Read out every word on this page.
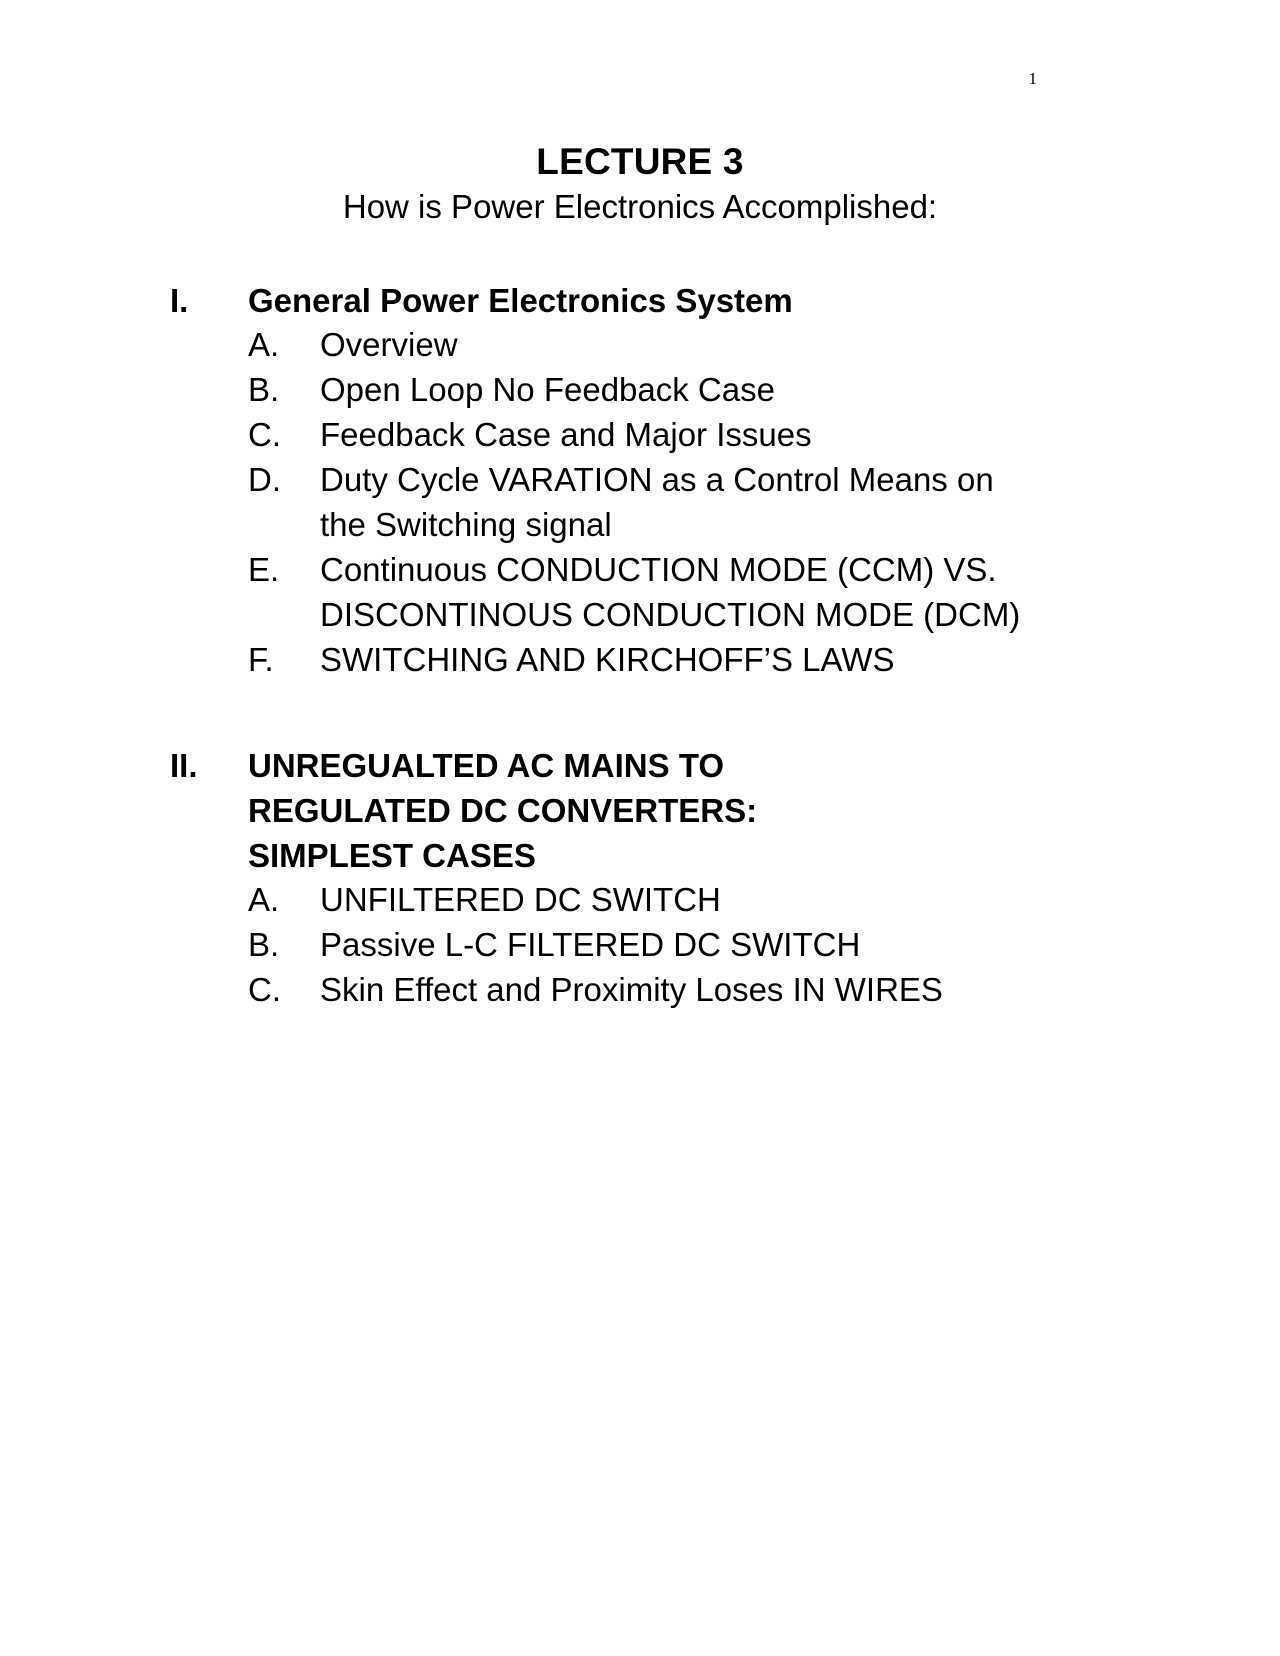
1
LECTURE 3

How is Power Electronics Accomplished:

I.	General Power Electronics System
A.	Overview
B.	Open Loop No Feedback Case
C.	Feedback Case and Major Issues
D.	Duty Cycle VARATION as a Control Means on the Switching signal
E.	Continuous CONDUCTION MODE (CCM) VS. DISCONTINOUS CONDUCTION MODE (DCM)
F.	SWITCHING AND KIRCHOFF’S LAWS
II.	UNREGUALTED AC MAINS TO REGULATED DC CONVERTERS: SIMPLEST CASES
A.	UNFILTERED DC SWITCH
B.	Passive L-C FILTERED DC SWITCH
C.	Skin Effect and Proximity Loses IN WIRES
